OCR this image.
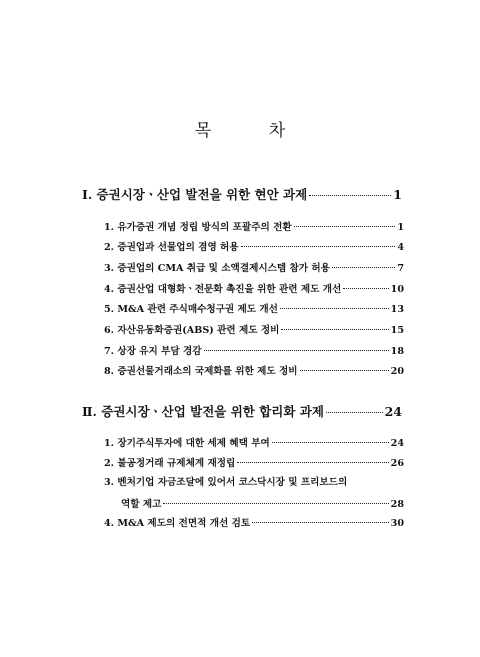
목 차
Ⅰ. 증권시장ㆍ산업 발전을 위한 현안 과제	1
1. 유가증권 개념 정립 방식의 포괄주의 전환	1
2. 증권업과 선물업의 겸영 허용	4
3. 증권업의 CMA 취급 및 소액결제시스템 참가 허용	7
4. 증권산업 대형화ㆍ전문화 촉진을 위한 관련 제도 개선	10
5. M&A 관련 주식매수청구권 제도 개선	13
6. 자산유동화증권(ABS) 관련 제도 정비	15
7. 상장 유지 부담 경감	18
8. 증권선물거래소의 국제화를 위한 제도 정비	20
Ⅱ. 증권시장ㆍ산업 발전을 위한 합리화 과제	24
1. 장기주식투자에 대한 세제 혜택 부여	24
2. 불공정거래 규제체계 재정립	26
3. 벤처기업 자금조달에 있어서 코스닥시장 및 프리보드의
역할 제고	28
4. M&A 제도의 전면적 개선 검토	30
